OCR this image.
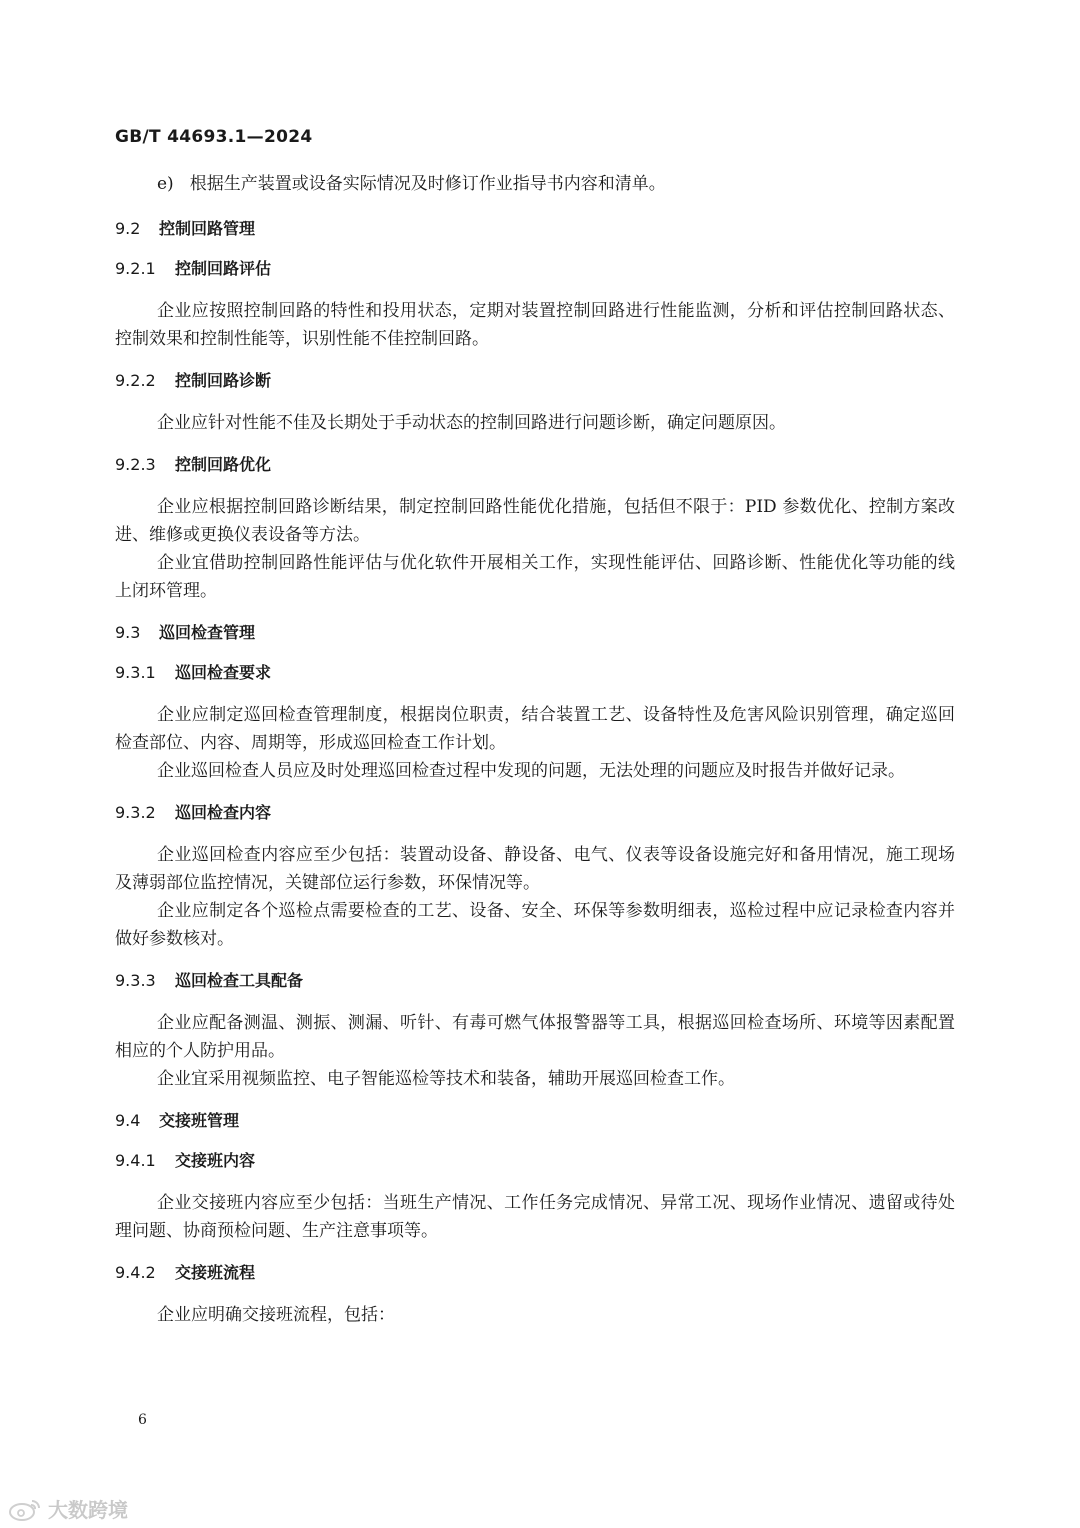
GB/T 44693.1—2024
e) 根据生产装置或设备实际情况及时修订作业指导书内容和清单。
9.2 控制回路管理
9.2.1 控制回路评估

企业应按照控制回路的特性和投用状态，定期对装置控制回路进行性能监测，分析和评估控制回路状态、控制效果和控制性能等，识别性能不佳控制回路。

9.2.2 控制回路诊断

企业应针对性能不佳及长期处于手动状态的控制回路进行问题诊断，确定问题原因。

9.2.3 控制回路优化

企业应根据控制回路诊断结果，制定控制回路性能优化措施，包括但不限于：PID 参数优化、控制方案改进、维修或更换仪表设备等方法。

企业宜借助控制回路性能评估与优化软件开展相关工作，实现性能评估、回路诊断、性能优化等功能的线上闭环管理。

9.3 巡回检查管理
9.3.1 巡回检查要求

企业应制定巡回检查管理制度，根据岗位职责，结合装置工艺、设备特性及危害风险识别管理，确定巡回检查部位、内容、周期等，形成巡回检查工作计划。

企业巡回检查人员应及时处理巡回检查过程中发现的问题，无法处理的问题应及时报告并做好记录。

9.3.2 巡回检查内容

企业巡回检查内容应至少包括：装置动设备、静设备、电气、仪表等设备设施完好和备用情况，施工现场及薄弱部位监控情况，关键部位运行参数，环保情况等。

企业应制定各个巡检点需要检查的工艺、设备、安全、环保等参数明细表，巡检过程中应记录检查内容并做好参数核对。

9.3.3 巡回检查工具配备

企业应配备测温、测振、测漏、听针、有毒可燃气体报警器等工具，根据巡回检查场所、环境等因素配置相应的个人防护用品。

企业宜采用视频监控、电子智能巡检等技术和装备，辅助开展巡回检查工作。

9.4 交接班管理
9.4.1 交接班内容

企业交接班内容应至少包括：当班生产情况、工作任务完成情况、异常工况、现场作业情况、遗留或待处理问题、协商预检问题、生产注意事项等。

9.4.2 交接班流程

企业应明确交接班流程，包括：

6
大数跨境
